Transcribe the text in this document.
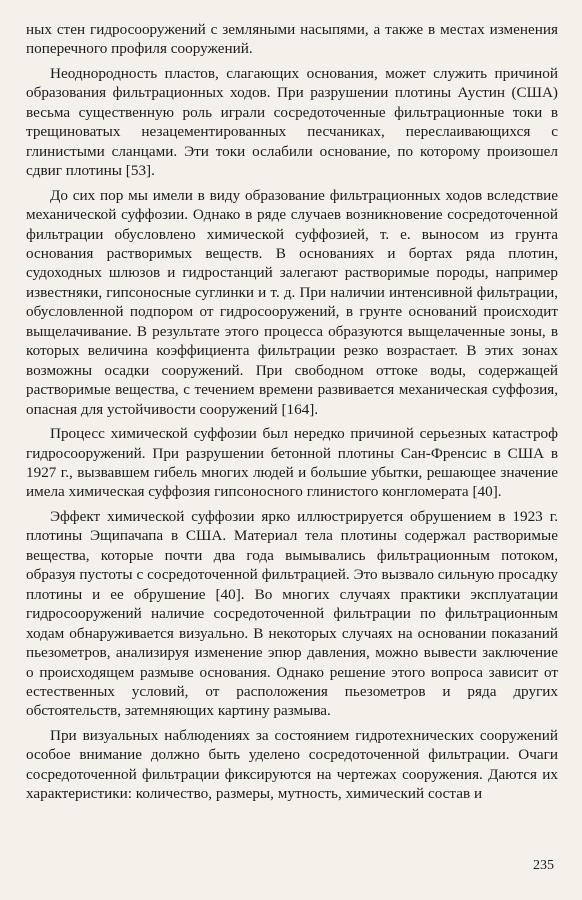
ных стен гидросооружений с земляными насыпями, а также в местах изменения поперечного профиля сооружений.

Неоднородность пластов, слагающих основания, может служить причиной образования фильтрационных ходов. При разрушении плотины Аустин (США) весьма существенную роль играли сосредоточенные фильтрационные токи в трещиноватых незацементированных песчаниках, переслаивающихся с глинистыми сланцами. Эти токи ослабили основание, по которому произошел сдвиг плотины [53].

До сих пор мы имели в виду образование фильтрационных ходов вследствие механической суффозии. Однако в ряде случаев возникновение сосредоточенной фильтрации обусловлено химической суффозией, т. е. выносом из грунта основания растворимых веществ. В основаниях и бортах ряда плотин, судоходных шлюзов и гидростанций залегают растворимые породы, например известняки, гипсоносные суглинки и т. д. При наличии интенсивной фильтрации, обусловленной подпором от гидросооружений, в грунте оснований происходит выщелачивание. В результате этого процесса образуются выщелаченные зоны, в которых величина коэффициента фильтрации резко возрастает. В этих зонах возможны осадки сооружений. При свободном оттоке воды, содержащей растворимые вещества, с течением времени развивается механическая суффозия, опасная для устойчивости сооружений [164].

Процесс химической суффозии был нередко причиной серьезных катастроф гидросооружений. При разрушении бетонной плотины Сан-Френсис в США в 1927 г., вызвавшем гибель многих людей и большие убытки, решающее значение имела химическая суффозия гипсоносного глинистого конгломерата [40].

Эффект химической суффозии ярко иллюстрируется обрушением в 1923 г. плотины Эщипачапа в США. Материал тела плотины содержал растворимые вещества, которые почти два года вымывались фильтрационным потоком, образуя пустоты с сосредоточенной фильтрацией. Это вызвало сильную просадку плотины и ее обрушение [40]. Во многих случаях практики эксплуатации гидросооружений наличие сосредоточенной фильтрации по фильтрационным ходам обнаруживается визуально. В некоторых случаях на основании показаний пьезометров, анализируя изменение эпюр давления, можно вывести заключение о происходящем размыве основания. Однако решение этого вопроса зависит от естественных условий, от расположения пьезометров и ряда других обстоятельств, затемняющих картину размыва.

При визуальных наблюдениях за состоянием гидротехнических сооружений особое внимание должно быть уделено сосредоточенной фильтрации. Очаги сосредоточенной фильтрации фиксируются на чертежах сооружения. Даются их характеристики: количество, размеры, мутность, химический состав и

235
